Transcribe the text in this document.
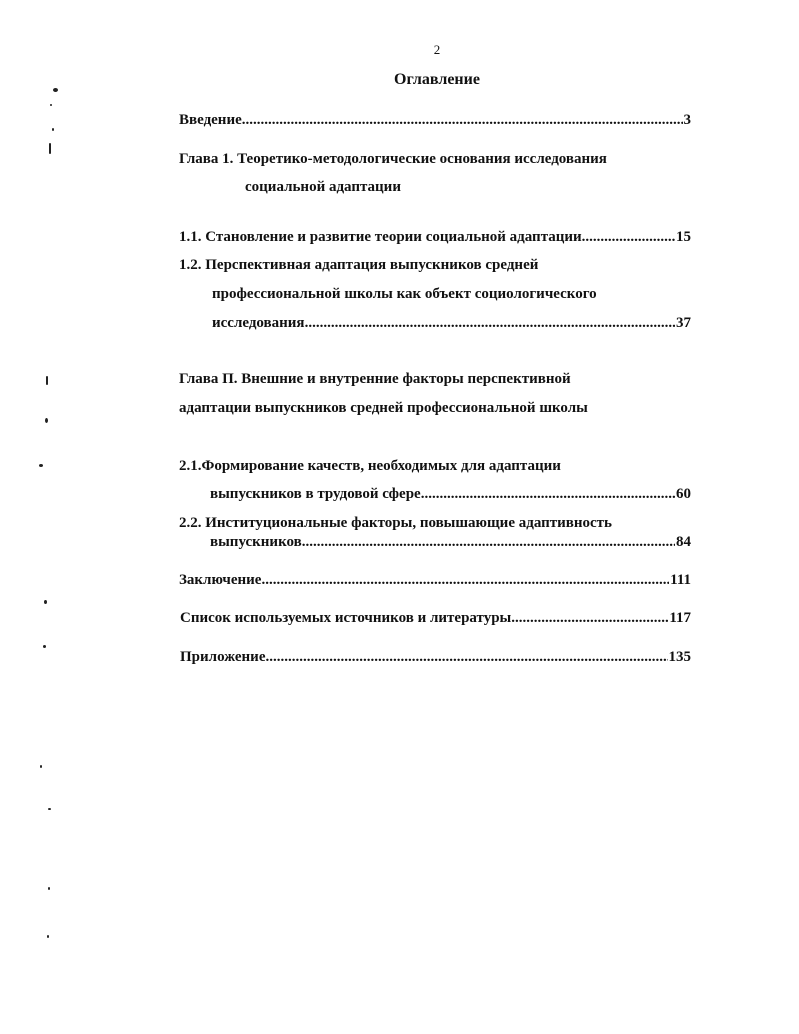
2
Оглавление
Введение .....	3
Глава 1. Теоретико-методологические основания исследования
социальной адаптации
1.1. Становление и развитие теории социальной адаптации .....	15
1.2. Перспективная адаптация выпускников средней
профессиональной школы как объект социологического
исследования .....	37
Глава П. Внешние и внутренние факторы перспективной
адаптации выпускников средней профессиональной школы
2.1.Формирование качеств, необходимых для адаптации
выпускников в трудовой сфере .....	60
2.2. Институциональные факторы, повышающие адаптивность
выпускников .....	84
Заключение .....	111
Список используемых источников и литературы .....	117
Приложение .....	135
